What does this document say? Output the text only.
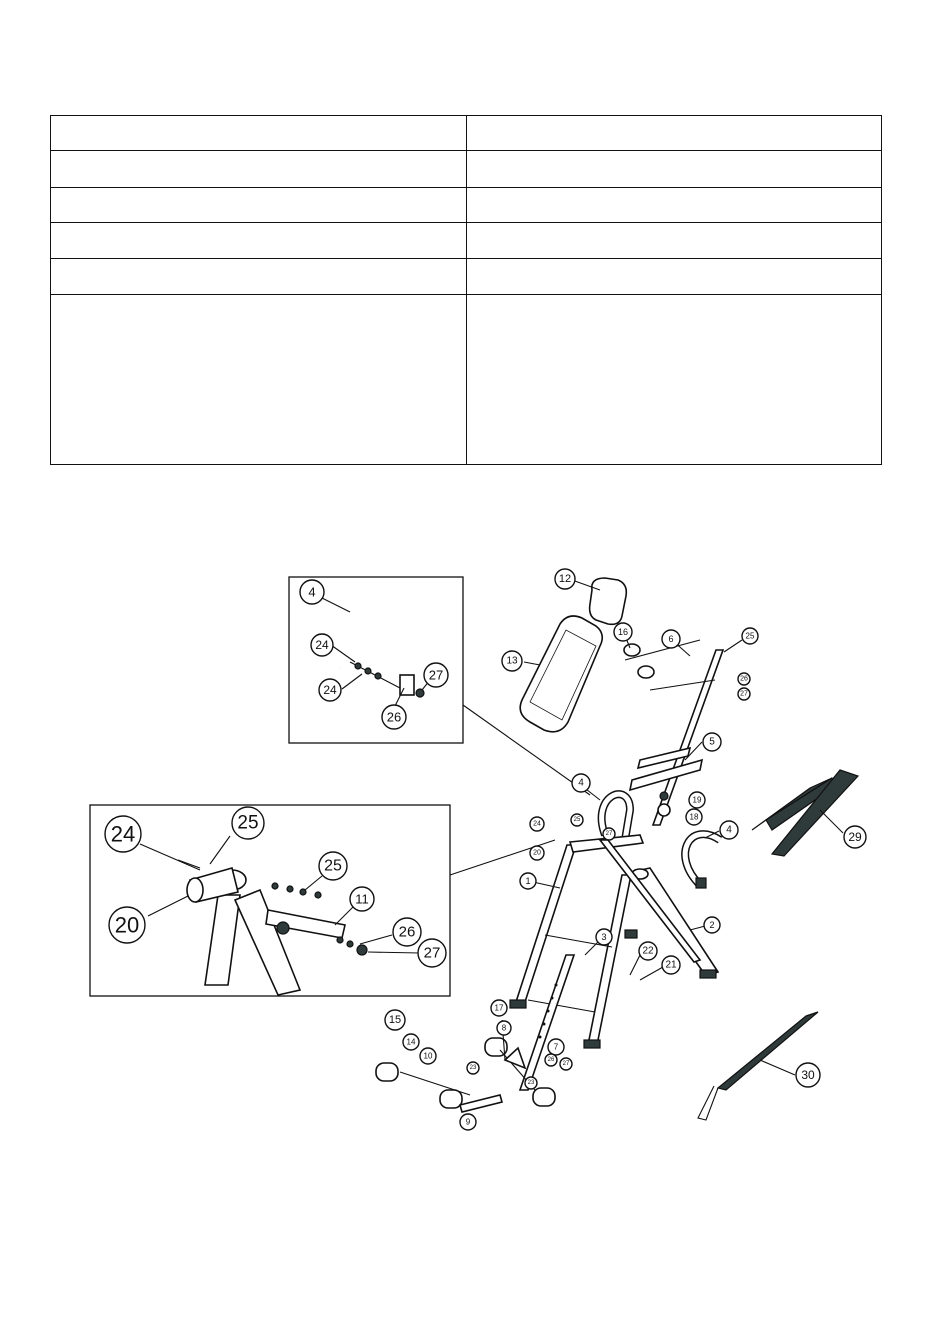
4
24
24
26
27
24	25
25
20
11
26
27
12
16
6	25
26
27
13
5
19
18
4
4
24
25
27
20
1
3
2
22
21
17
8
15
14
10
7
26
27
23
23
9
29
30
